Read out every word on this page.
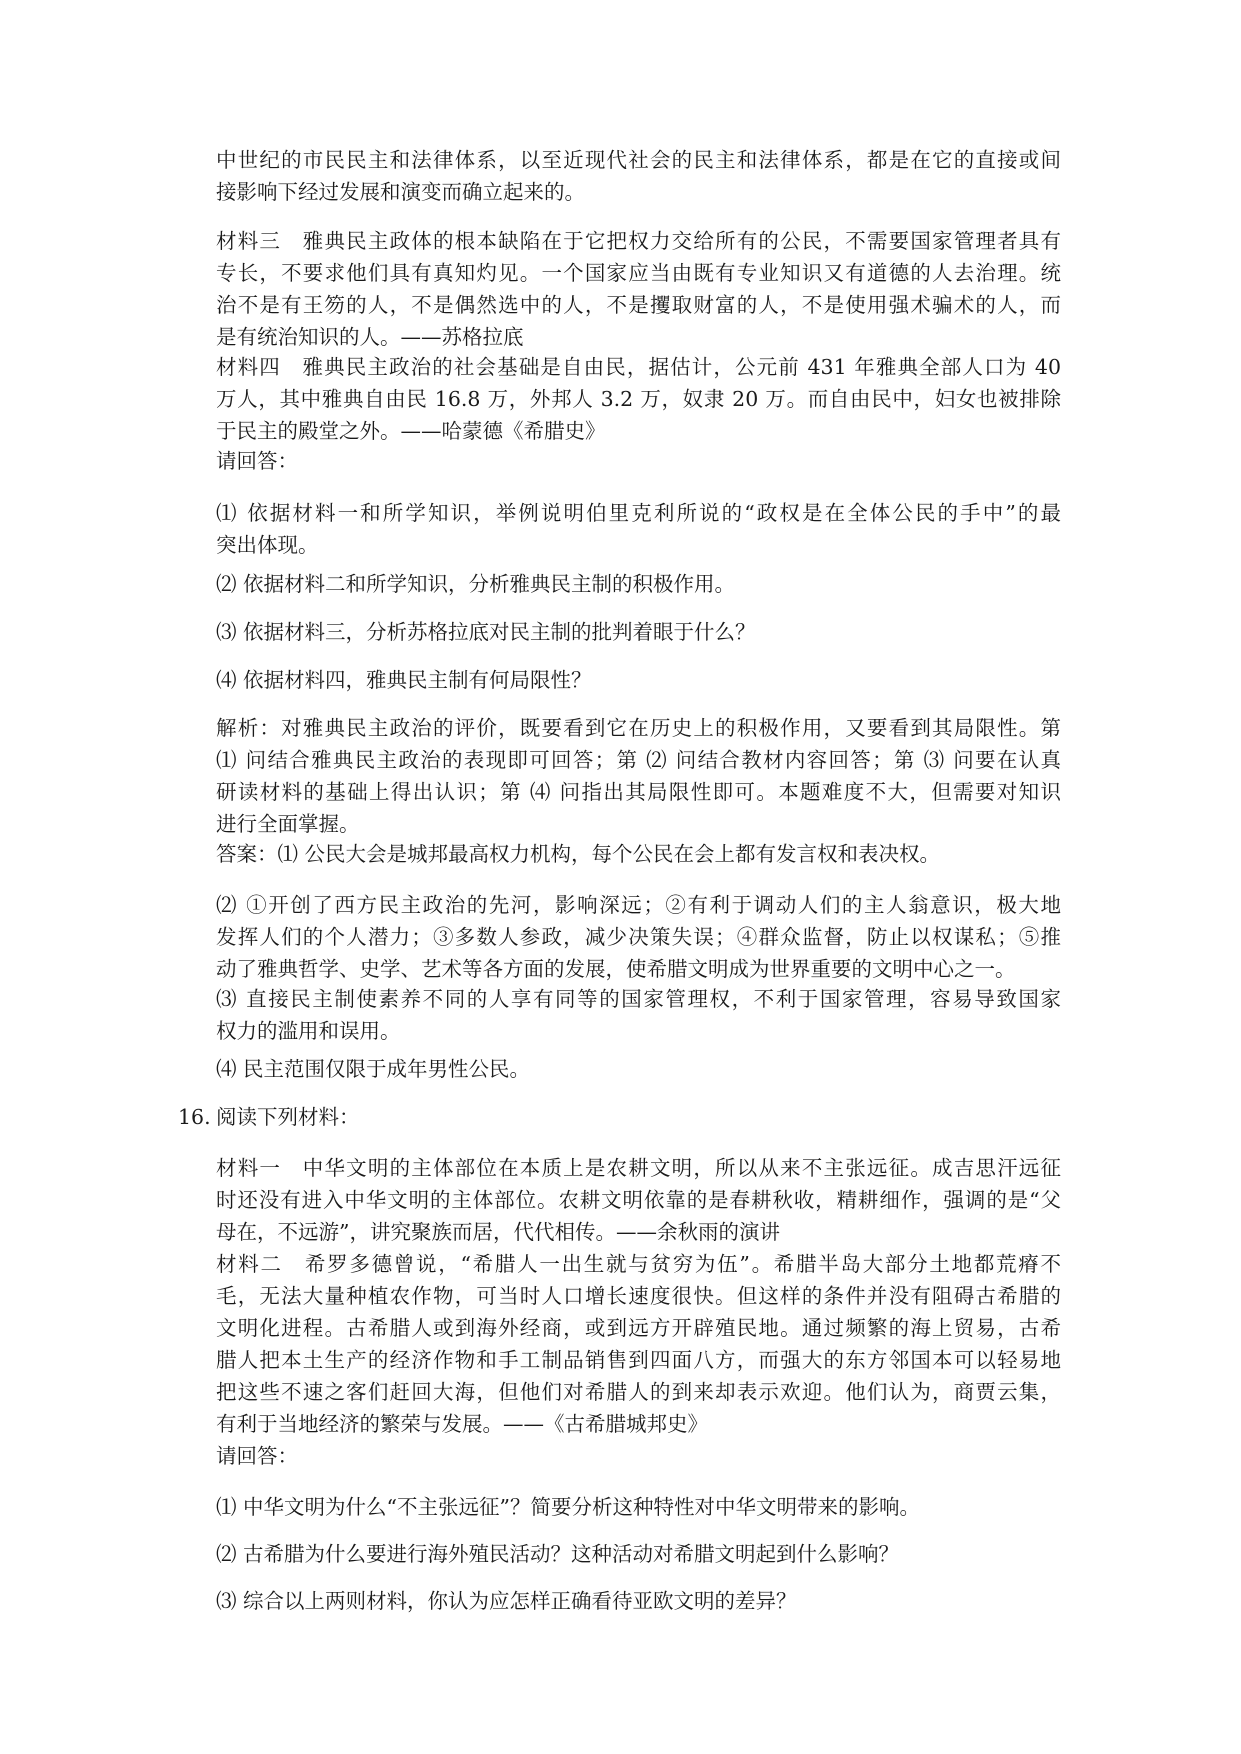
中世纪的市民民主和法律体系，以至近现代社会的民主和法律体系，都是在它的直接或间
接影响下经过发展和演变而确立起来的。

材料三　雅典民主政体的根本缺陷在于它把权力交给所有的公民，不需要国家管理者具有
专长，不要求他们具有真知灼见。一个国家应当由既有专业知识又有道德的人去治理。统
治不是有王笏的人，不是偶然选中的人，不是攫取财富的人，不是使用强术骗术的人，而
是有统治知识的人。——苏格拉底

材料四　雅典民主政治的社会基础是自由民，据估计，公元前 431 年雅典全部人口为 40
万人，其中雅典自由民 16.8 万，外邦人 3.2 万，奴隶 20 万。而自由民中，妇女也被排除
于民主的殿堂之外。——哈蒙德《希腊史》

请回答：

⑴ 依据材料一和所学知识，举例说明伯里克利所说的“政权是在全体公民的手中”的最
突出体现。

⑵ 依据材料二和所学知识，分析雅典民主制的积极作用。

⑶ 依据材料三，分析苏格拉底对民主制的批判着眼于什么？

⑷ 依据材料四，雅典民主制有何局限性？

解析：对雅典民主政治的评价，既要看到它在历史上的积极作用，又要看到其局限性。第
⑴ 问结合雅典民主政治的表现即可回答；第 ⑵ 问结合教材内容回答；第 ⑶ 问要在认真
研读材料的基础上得出认识；第 ⑷ 问指出其局限性即可。本题难度不大，但需要对知识
进行全面掌握。

答案：⑴ 公民大会是城邦最高权力机构，每个公民在会上都有发言权和表决权。

⑵ ①开创了西方民主政治的先河，影响深远；②有利于调动人们的主人翁意识，极大地
发挥人们的个人潜力；③多数人参政，减少决策失误；④群众监督，防止以权谋私；⑤推
动了雅典哲学、史学、艺术等各方面的发展，使希腊文明成为世界重要的文明中心之一。

⑶ 直接民主制使素养不同的人享有同等的国家管理权，不利于国家管理，容易导致国家
权力的滥用和误用。

⑷ 民主范围仅限于成年男性公民。

16. 阅读下列材料：

材料一　中华文明的主体部位在本质上是农耕文明，所以从来不主张远征。成吉思汗远征
时还没有进入中华文明的主体部位。农耕文明依靠的是春耕秋收，精耕细作，强调的是“父
母在，不远游”，讲究聚族而居，代代相传。——余秋雨的演讲

材料二　希罗多德曾说，“希腊人一出生就与贫穷为伍”。希腊半岛大部分土地都荒瘠不
毛，无法大量种植农作物，可当时人口增长速度很快。但这样的条件并没有阻碍古希腊的
文明化进程。古希腊人或到海外经商，或到远方开辟殖民地。通过频繁的海上贸易，古希
腊人把本土生产的经济作物和手工制品销售到四面八方，而强大的东方邻国本可以轻易地
把这些不速之客们赶回大海，但他们对希腊人的到来却表示欢迎。他们认为，商贾云集，
有利于当地经济的繁荣与发展。——《古希腊城邦史》

请回答：

⑴ 中华文明为什么“不主张远征”？简要分析这种特性对中华文明带来的影响。

⑵ 古希腊为什么要进行海外殖民活动？这种活动对希腊文明起到什么影响？

⑶ 综合以上两则材料，你认为应怎样正确看待亚欧文明的差异？
